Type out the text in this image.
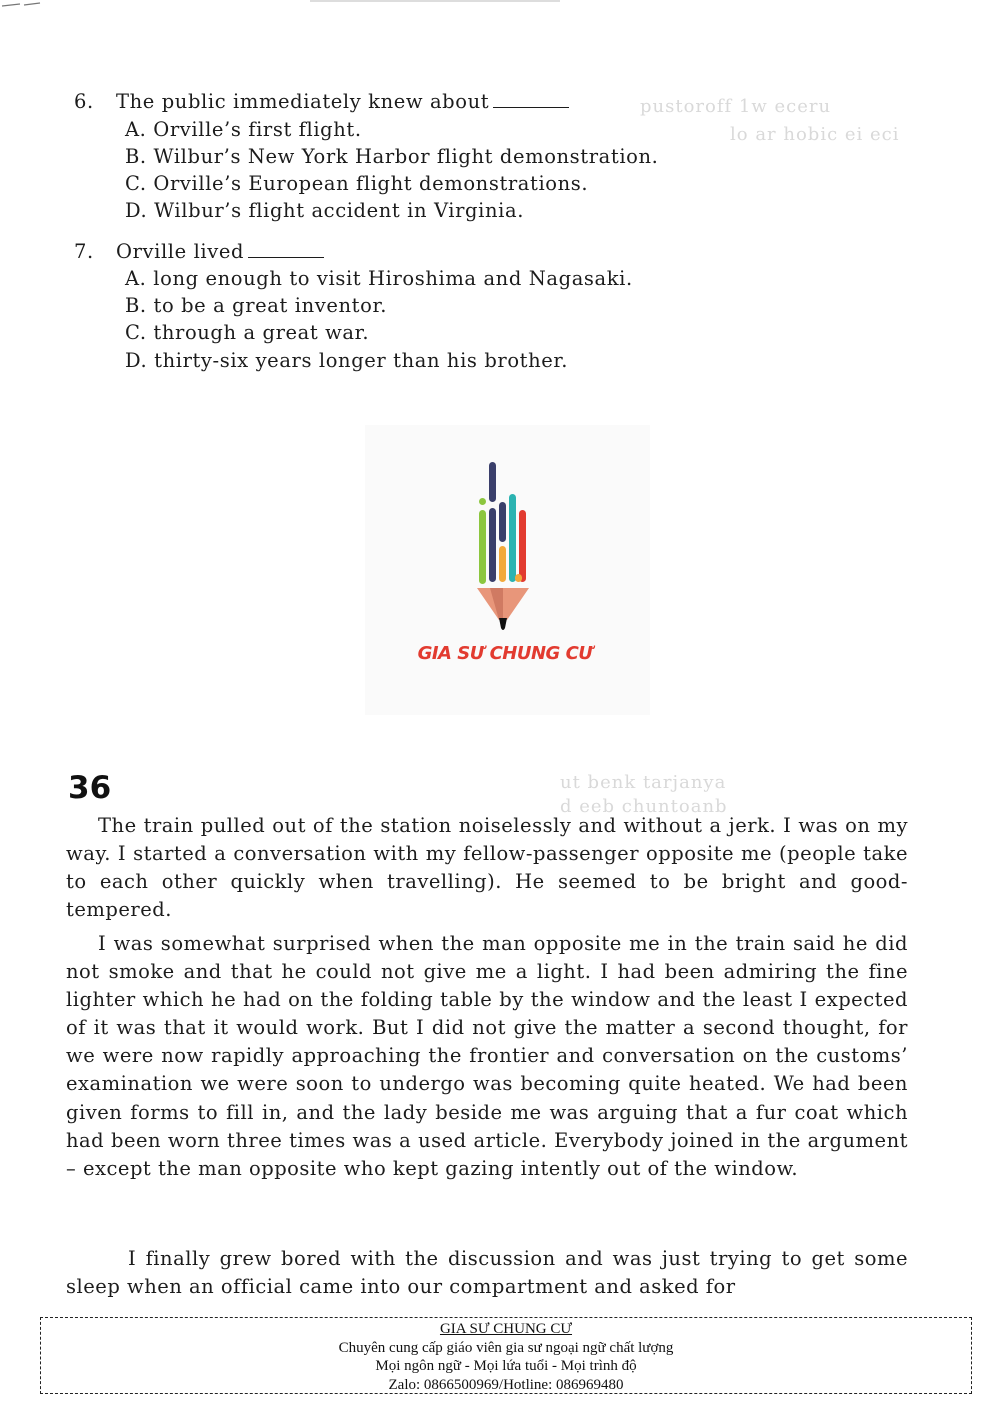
pustoroff 1w eceru
lo ar hobic ei eci
ut benk tarjanya
d eeb chuntoanb
6. The public immediately knew about
A. Orville’s first flight.
B. Wilbur’s New York Harbor flight demonstration.
C. Orville’s European flight demonstrations.
D. Wilbur’s flight accident in Virginia.
7. Orville lived
A. long enough to visit Hiroshima and Nagasaki.
B. to be a great inventor.
C. through a great war.
D. thirty-six years longer than his brother.
GIA SƯ CHUNG CƯ
36
The train pulled out of the station noiselessly and without a jerk. I was on my way. I started a conversation with my fellow-passenger opposite me (people take to each other quickly when travelling). He seemed to be bright and good-tempered.
I was somewhat surprised when the man opposite me in the train said he did not smoke and that he could not give me a light. I had been admiring the fine lighter which he had on the folding table by the window and the least I expected of it was that it would work. But I did not give the matter a second thought, for we were now rapidly approaching the frontier and conversation on the customs’ examination we were soon to undergo was becoming quite heated. We had been given forms to fill in, and the lady beside me was arguing that a fur coat which had been worn three times was a used article. Everybody joined in the argument – except the man opposite who kept gazing intently out of the window.
I finally grew bored with the discussion and was just trying to get some sleep when an official came into our compartment and asked for
GIA SƯ CHUNG CƯ
Chuyên cung cấp giáo viên gia sư ngoại ngữ chất lượng
Mọi ngôn ngữ - Mọi lứa tuổi - Mọi trình độ
Zalo: 0866500969/Hotline: 086969480
